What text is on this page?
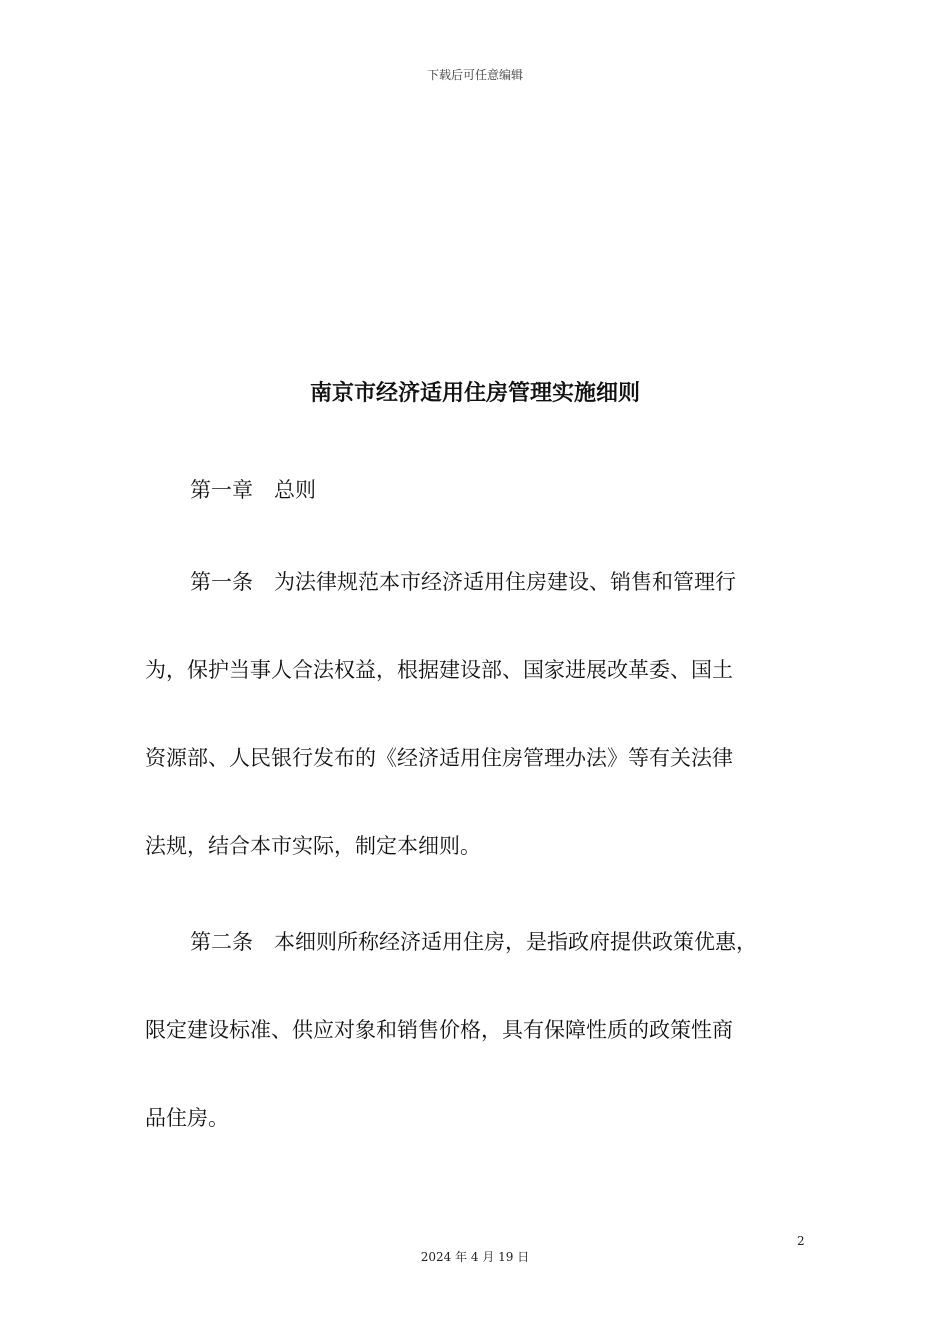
下载后可任意编辑
南京市经济适用住房管理实施细则
第一章　总则
第一条　为法律规范本市经济适用住房建设、销售和管理行
为，保护当事人合法权益，根据建设部、国家进展改革委、国土
资源部、人民银行发布的《经济适用住房管理办法》等有关法律
法规，结合本市实际，制定本细则。
第二条　本细则所称经济适用住房，是指政府提供政策优惠，
限定建设标准、供应对象和销售价格，具有保障性质的政策性商
品住房。
2
2024 年 4 月 19 日
